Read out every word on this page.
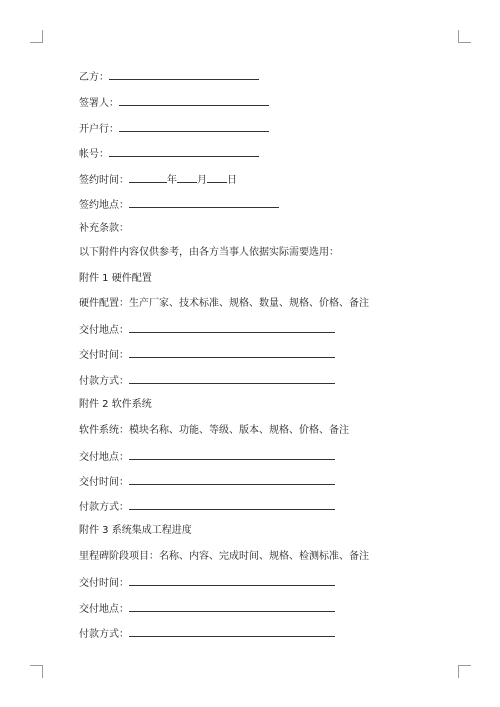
乙方：
签署人：
开户行：
帐号：
签约时间：	年 月 日
签约地点：
补充条款：
以下附件内容仅供参考，由各方当事人依据实际需要选用：
附件 1 硬件配置
硬件配置：生产厂家、技术标准、规格、数量、规格、价格、备注
交付地点：
交付时间：
付款方式：
附件 2 软件系统
软件系统：模块名称、功能、等级、版本、规格、价格、备注
交付地点：
交付时间：
付款方式：
附件 3 系统集成工程进度
里程碑阶段项目：名称、内容、完成时间、规格、检测标准、备注
交付时间：
交付地点：
付款方式：
